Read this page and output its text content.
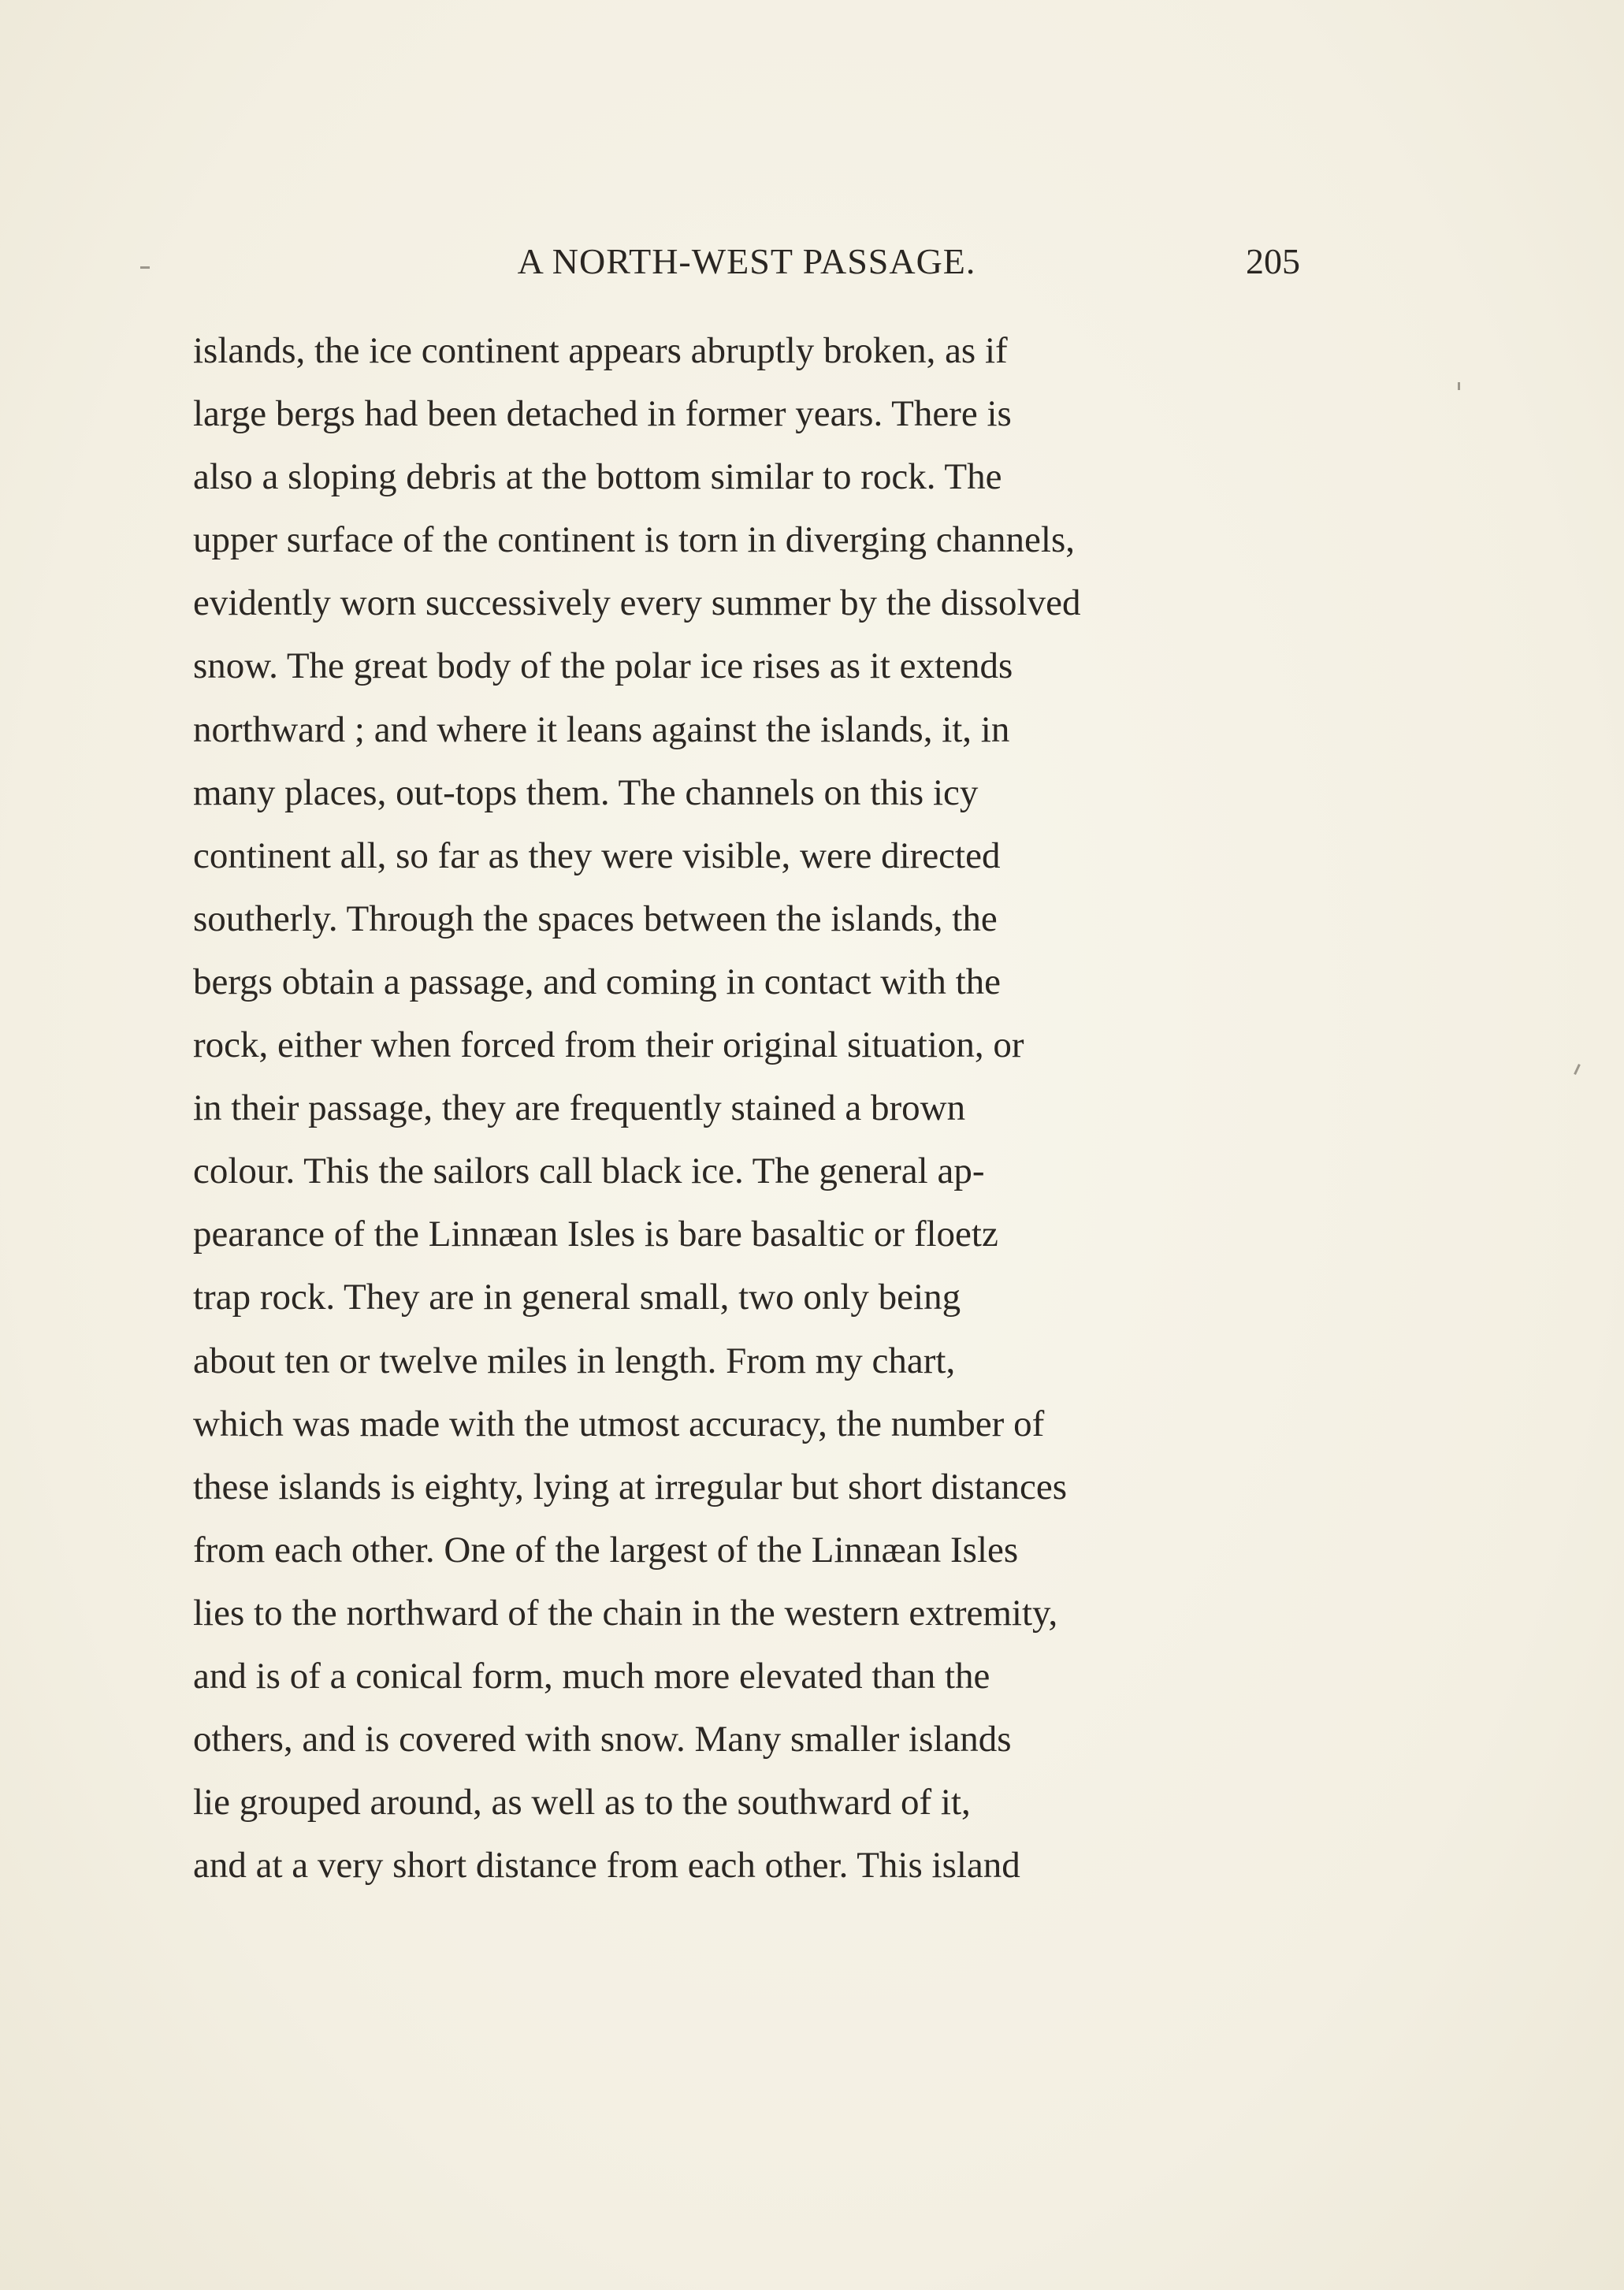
A NORTH-WEST PASSAGE.	205
islands, the ice continent appears abruptly broken, as if
large bergs had been detached in former years. There is
also a sloping debris at the bottom similar to rock. The
upper surface of the continent is torn in diverging channels,
evidently worn successively every summer by the dissolved
snow. The great body of the polar ice rises as it extends
northward ; and where it leans against the islands, it, in
many places, out-tops them. The channels on this icy
continent all, so far as they were visible, were directed
southerly. Through the spaces between the islands, the
bergs obtain a passage, and coming in contact with the
rock, either when forced from their original situation, or
in their passage, they are frequently stained a brown
colour. This the sailors call black ice. The general ap-
pearance of the Linnæan Isles is bare basaltic or floetz
trap rock. They are in general small, two only being
about ten or twelve miles in length. From my chart,
which was made with the utmost accuracy, the number of
these islands is eighty, lying at irregular but short distances
from each other. One of the largest of the Linnæan Isles
lies to the northward of the chain in the western extremity,
and is of a conical form, much more elevated than the
others, and is covered with snow. Many smaller islands
lie grouped around, as well as to the southward of it,
and at a very short distance from each other. This island
